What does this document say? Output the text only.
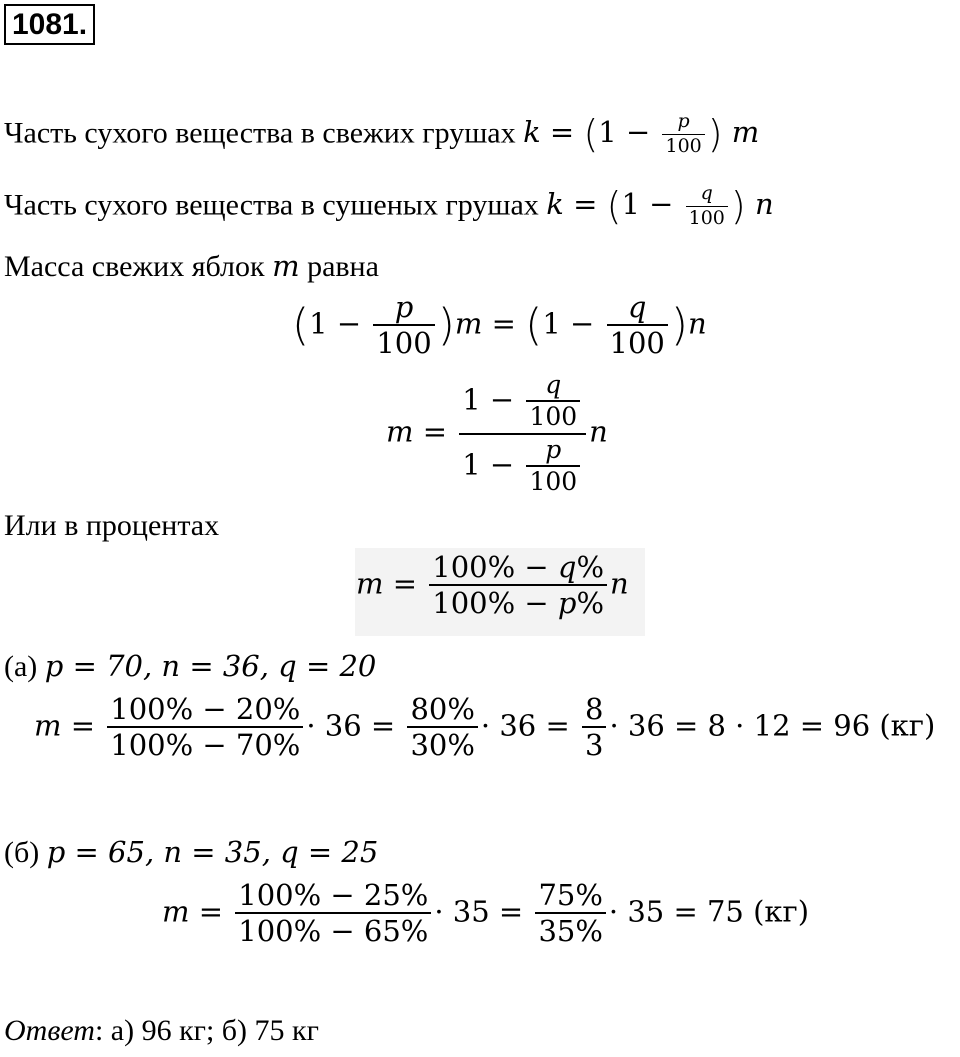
1081.
Часть сухого вещества в свежих грушах $k = (1 - \frac{p}{100}$ ) m
Часть сухого вещества в сушеных грушах $k = (1 - \frac{q}{100}$ ) n
Масса свежих яблок m равна
$(1 - \frac{p}{100} )m = (1 - \frac{q}{100} )n$
$m = \frac{1 - \frac{q}{100}}{1 - \frac{p}{100}}$ n
Или в процентах
$m = \frac{100\% - q\%}{100\% - p\%}$ n
(а) p = 70, n = 36, q = 20
$m = \frac{100\% - 20\%}{100\% - 70\%} \cdot 36 = \frac{80\%}{30\%} \cdot 36 = \frac{8}{3} \cdot 36 = 8 \cdot 12 = 96$ (кг)
(б) p = 65, n = 35, q = 25
$m = \frac{100\% - 25\%}{100\% - 65\%} \cdot 35 = \frac{75\%}{35\%} \cdot 35 = 75$ (кг)
Ответ: а) 96 кг; б) 75 кг
